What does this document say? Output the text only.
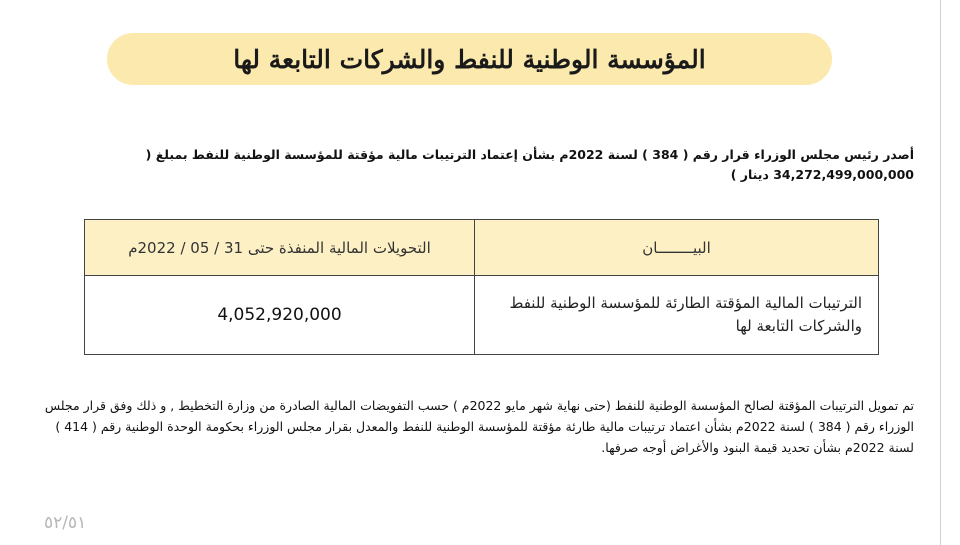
المؤسسة الوطنية للنفط والشركات التابعة لها
أصدر رئيس مجلس الوزراء قرار رقم ( 384 ) لسنة 2022م بشأن إعتماد الترتيبات مالية مؤقتة للمؤسسة الوطنية للنفط بمبلغ ( 34,272,499,000,000 دينار )
البيــــــــان
التحويلات المالية المنفذة حتى 31 / 05 / 2022م
الترتيبات المالية المؤقتة الطارئة للمؤسسة الوطنية للنفط والشركات التابعة لها
4,052,920,000
تم تمويل الترتيبات المؤقتة لصالح المؤسسة الوطنية للنفط (حتى نهاية شهر مايو 2022م ) حسب التفويضات المالية الصادرة من وزارة التخطيط , و ذلك وفق قرار مجلس الوزراء رقم ( 384 ) لسنة 2022م بشأن اعتماد ترتيبات مالية طارئة مؤقتة للمؤسسة الوطنية للنفط والمعدل بقرار مجلس الوزراء بحكومة الوحدة الوطنية رقم ( 414 ) لسنة 2022م بشأن تحديد قيمة البنود والأغراض أوجه صرفها.
٥٢/٥١
